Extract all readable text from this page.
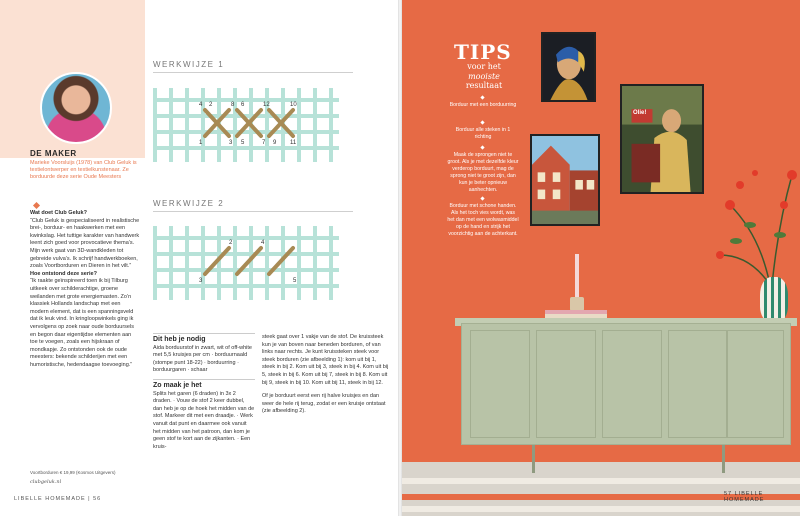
DE MAKER
Marieke Voorsluijs (1978) van Club Geluk is textielontwerper en textielkunstenaar. Ze borduurde deze serie Oude Meesters
Wat doet Club Geluk?
“Club Geluk is gespecialiseerd in realistische brei-, borduur- en haakwerken met een kwinkslag. Het tuttige karakter van handwerk leent zich goed voor provocatieve thema’s. Mijn werk gaat van 3D-wandkleden tot gebreide vulva’s. Ik schrijf handwerkboeken, zoals Voortborduren en Dieren in het vilt.”
Hoe ontstond deze serie?
“Ik raakte geïnspireerd toen ik bij Tilburg uitkeek over schilderachtige, groene weilanden met grote energiemasten. Zo’n klassiek Hollands landschap met een modern element, dat is een spanningsveld dat ik leuk vind. In kringloopwinkels ging ik vervolgens op zoek naar oude borduursels en begon daar eigentijdse elementen aan toe te voegen, zoals een hijskraan of mondkapje. Zo ontstonden ook de oude meesters: bekende schilderijen met een humoristische, hedendaagse toevoeging.”
clubgeluk.nl
Voortborduren € 19,99 (Kosmos Uitgevers)
LIBELLE HOMEMADE | 56
WERKWIJZE 1
4 2	8 6	12	10
1	3 5	7 9 11
WERKWIJZE 2
2
3
4
5
Dit heb je nodig

Aida borduurstof in zwart, wit of off-white met 5,5 kruisjes per cm · borduurnaald (stompe punt 18-22) · borduurring · borduurgaren · schaar

Zo maak je het

Splits het garen (6 draden) in 3x 2 draden. · Vouw de stof 2 keer dubbel, dan heb je op de hoek het midden van de stof. Markeer dit met een draadje. · Werk vanuit dat punt en daarmee ook vanuit het midden van het patroon, dan kom je geen stof te kort aan de zijkanten. · Een kruis-

steek gaat over 1 vakje van de stof. De kruissteek kun je van boven naar beneden borduren, of van links naar rechts. Je kunt kruissteken steek voor steek borduren (zie afbeelding 1): kom uit bij 1, steek in bij 2. Kom uit bij 3, steek in bij 4. Kom uit bij 5, steek in bij 6. Kom uit bij 7, steek in bij 8. Kom uit bij 9, steek in bij 10. Kom uit bij 11, steek in bij 12.

Of je borduurt eerst een rij halve kruisjes en dan weer de hele rij terug, zodat er een kruisje ontstaat (zie afbeelding 2).

Olie!
TIPS
voor het
mooiste
resultaat
Borduur met een borduurring
Borduur alle steken in 1 richting
Maak de sprongen niet te groot. Als je met dezelfde kleur verderop borduurt, mag de sprong niet te groot zijn, dan kun je beter opnieuw aanhechten.
Borduur met schone handen. Als het toch vies wordt, was het dan met een wolwasmiddel op de hand en strijk het voorzichtig aan de achterkant.
57 LIBELLE HOMEMADE
